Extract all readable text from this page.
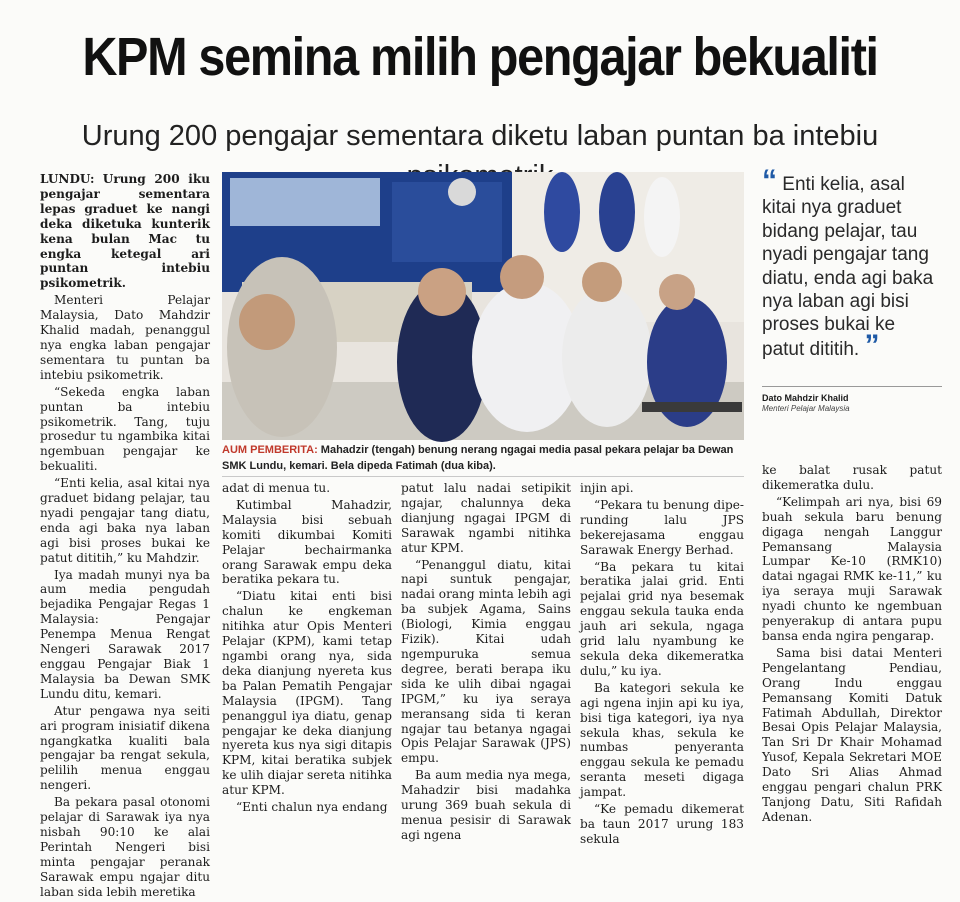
KPM semina milih pengajar bekualiti
Urung 200 pengajar sementara diketu laban puntan ba intebiu

LUNDU: Urung 200 iku pengajar sementara lepas graduet ke nangi deka diketuka kunterik kena bulan Mac tu engka ketegal ari puntan intebiu psikometrik.

Menteri Pelajar Malaysia, Dato Mahdzir Khalid madah, penanggul nya engka laban pengajar sementara tu puntan ba intebiu psikometrik.

“Sekeda engka laban puntan ba intebiu psikometrik. Tang, tuju prosedur tu ngambika kitai ngembuan pengajar ke bekualiti.

“Enti kelia, asal kitai nya graduet bidang pelajar, tau nyadi pengajar tang diatu, enda agi baka nya laban agi bisi proses bukai ke patut dititih,” ku Mahdzir.

Iya madah munyi nya ba aum media pengudah bejadika Pengajar Regas 1 Malaysia: Pengajar Penempa Menua Rengat Nengeri Sarawak 2017 enggau Pengajar Biak 1 Malaysia ba Dewan SMK Lundu ditu, kemari.

Atur pengawa nya seiti ari program inisiatif dikena ngangkatka kualiti bala pengajar ba rengat sekula, pelilih menua enggau nengeri.

Ba pekara pasal otonomi pelajar di Sarawak iya nya nisbah 90:10 ke alai Perintah Nengeri bisi minta pengajar peranak Sarawak empu ngajar ditu laban sida lebih meretika

AUM PEMBERITA: Mahadzir (tengah) benung nerang ngagai media pasal pekara pelajar ba Dewan SMK Lundu, kemari. Bela dipeda Fatimah (dua kiba).

adat di menua tu.

Kutimbal Mahadzir, Malaysia bisi sebuah komiti dikumbai Komiti Pelajar bechairmanka orang Sarawak empu deka beratika pekara tu.

“Diatu kitai enti bisi chalun ke engkeman nitihka atur Opis Menteri Pelajar (KPM), kami tetap ngambi orang nya, sida deka dianjung nyereta kus ba Palan Pematih Pengajar Malaysia (IPGM). Tang penanggul iya diatu, genap pengajar ke deka dianjung nyereta kus nya sigi ditapis KPM, kitai beratika subjek ke ulih diajar sereta nitihka atur KPM.

“Enti chalun nya endang

patut lalu nadai setipikit ngajar, chalunnya deka dianjung ngagai IPGM di Sarawak ngambi nitihka atur KPM.

“Penanggul diatu, kitai napi suntuk pengajar, nadai orang minta lebih agi ba subjek Agama, Sains (Biologi, Kimia enggau Fizik). Kitai udah ngempuruka semua degree, berati berapa iku sida ke ulih dibai ngagai IPGM,” ku iya seraya meransang sida ti keran ngajar tau betanya ngagai Opis Pelajar Sarawak (JPS) empu.

Ba aum media nya mega, Mahadzir bisi madahka urung 369 buah sekula di menua pesisir di Sarawak agi ngena

injin api.

“Pekara tu benung dipe-runding lalu JPS bekerejasama enggau Sarawak Energy Berhad.

“Ba pekara tu kitai beratika jalai grid. Enti pejalai grid nya besemak enggau sekula tauka enda jauh ari sekula, ngaga grid lalu nyambung ke sekula deka dikemeratka dulu,” ku iya.

Ba kategori sekula ke agi ngena injin api ku iya, bisi tiga kategori, iya nya sekula khas, sekula ke numbas penyeranta enggau sekula ke pemadu seranta meseti digaga jampat.

“Ke pemadu dikemerat ba taun 2017 urung 183 sekula

“ Enti kelia, asal kitai nya graduet bidang pelajar, tau nyadi pengajar tang diatu, enda agi baka nya laban agi bisi proses bukai ke patut dititih. ”
Dato Mahdzir Khalid
Menteri Pelajar Malaysia

ke balat rusak patut dikemeratka dulu.

“Kelimpah ari nya, bisi 69 buah sekula baru benung digaga nengah Langgur Pemansang Malaysia Lumpar Ke-10 (RMK10) datai ngagai RMK ke-11,” ku iya seraya muji Sarawak nyadi chunto ke ngembuan penyerakup di antara pupu bansa enda ngira pengarap.

Sama bisi datai Menteri Pengelantang Pendiau, Orang Indu enggau Pemansang Komiti Datuk Fatimah Abdullah, Direktor Besai Opis Pelajar Malaysia, Tan Sri Dr Khair Mohamad Yusof, Kepala Sekretari MOE Dato Sri Alias Ahmad enggau pengari chalun PRK Tanjong Datu, Siti Rafidah Adenan.
